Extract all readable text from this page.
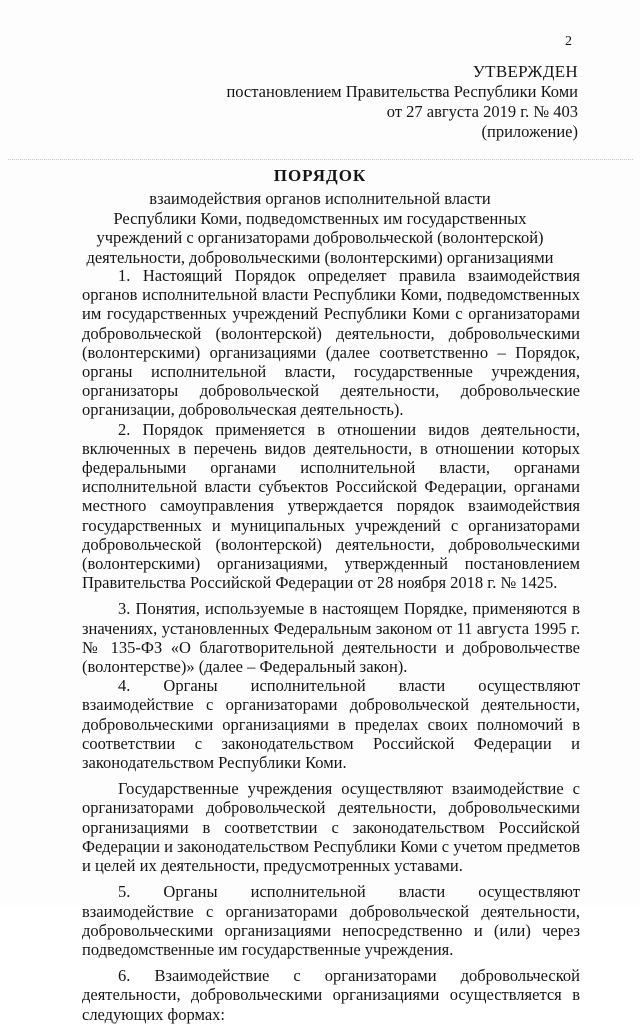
2
УТВЕРЖДЕН
постановлением Правительства Республики Коми
от 27 августа 2019 г. № 403
(приложение)
ПОРЯДОК
взаимодействия органов исполнительной власти
Республики Коми, подведомственных им государственных
учреждений с организаторами добровольческой (волонтерской)
деятельности, добровольческими (волонтерскими) организациями

1. Настоящий Порядок определяет правила взаимодействия органов исполнительной власти Республики Коми, подведомственных им государственных учреждений Республики Коми с организаторами добровольческой (волонтерской) деятельности, добровольческими (волонтерскими) организациями (далее соответственно – Порядок, органы исполнительной власти, государственные учреждения, организаторы добровольческой деятельности, добровольческие организации, добровольческая деятельность).

2. Порядок применяется в отношении видов деятельности, включенных в перечень видов деятельности, в отношении которых федеральными органами исполнительной власти, органами исполнительной власти субъектов Российской Федерации, органами местного самоуправления утверждается порядок взаимодействия государственных и муниципальных учреждений с организаторами добровольческой (волонтерской) деятельности, добровольческими (волонтерскими) организациями, утвержденный постановлением Правительства Российской Федерации от 28 ноября 2018 г. № 1425.

3. Понятия, используемые в настоящем Порядке, применяются в значениях, установленных Федеральным законом от 11 августа 1995 г. № 135-ФЗ «О благотворительной деятельности и добровольчестве (волонтерстве)» (далее – Федеральный закон).

4. Органы исполнительной власти осуществляют взаимодействие с организаторами добровольческой деятельности, добровольческими организациями в пределах своих полномочий в соответствии с законодательством Российской Федерации и законодательством Республики Коми.

Государственные учреждения осуществляют взаимодействие с организаторами добровольческой деятельности, добровольческими организациями в соответствии с законодательством Российской Федерации и законодательством Республики Коми с учетом предметов и целей их деятельности, предусмотренных уставами.

5. Органы исполнительной власти осуществляют взаимодействие с организаторами добровольческой деятельности, добровольческими организациями непосредственно и (или) через подведомственные им государственные учреждения.

6. Взаимодействие с организаторами добровольческой деятельности, добровольческими организациями осуществляется в следующих формах:
